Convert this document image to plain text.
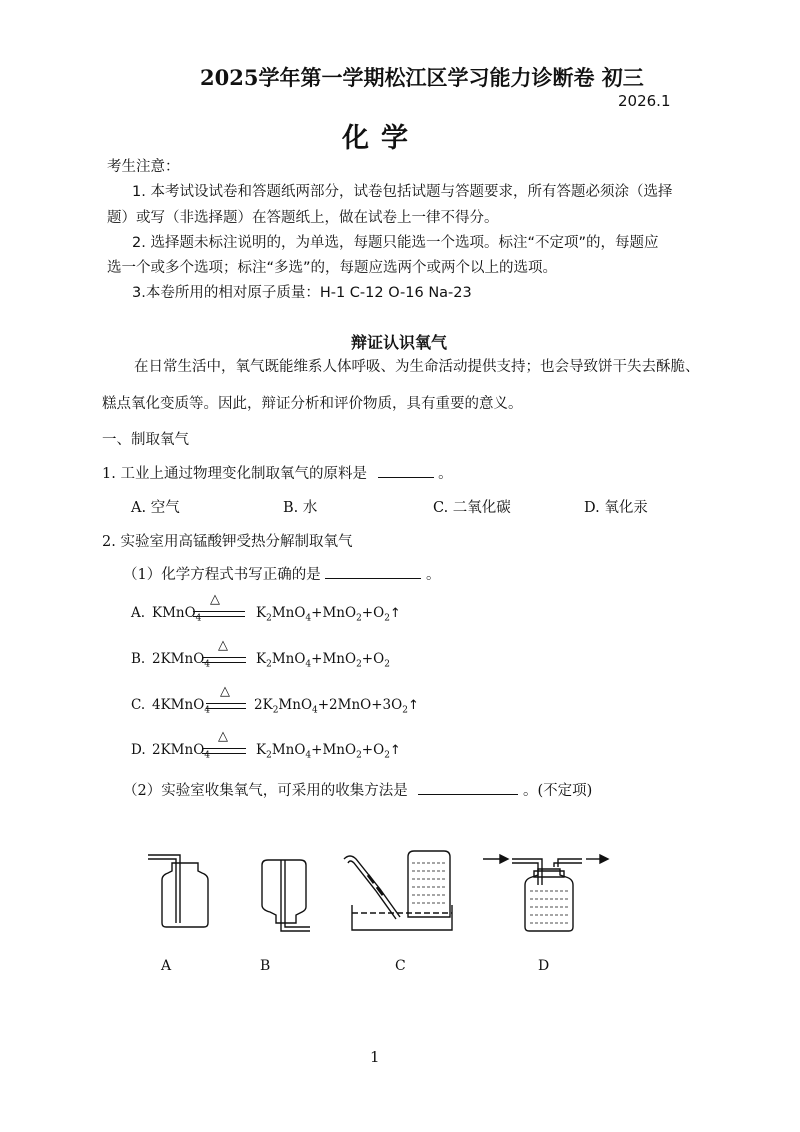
2025学年第一学期松江区学习能力诊断卷 初三
2026.1
化学
考生注意：
1. 本考试设试卷和答题纸两部分，试卷包括试题与答题要求，所有答题必须涂（选择
题）或写（非选择题）在答题纸上，做在试卷上一律不得分。
2. 选择题未标注说明的，为单选，每题只能选一个选项。标注“不定项”的，每题应
选一个或多个选项；标注“多选”的，每题应选两个或两个以上的选项。
3.本卷所用的相对原子质量：H-1 C-12 O-16 Na-23
辩证认识氧气
在日常生活中，氧气既能维系人体呼吸、为生命活动提供支持；也会导致饼干失去酥脆、
糕点氧化变质等。因此，辩证分析和评价物质，具有重要的意义。
一、制取氧气
1. 工业上通过物理变化制取氧气的原料是	。
A. 空气	B. 水	C. 二氧化碳	D. 氧化汞
2. 实验室用高锰酸钾受热分解制取氧气
（1）化学方程式书写正确的是	。
A. KMnO$_4$
△
$K_2MnO_4+MnO_2+O_2↑$
B. 2KMnO$_4$
△
$K_2MnO_4+MnO_2+O_2$
C. 4KMnO$_4$
△
$2K_2MnO_4+2MnO+3O_2↑$
D. 2KMnO$_4$
△
$K_2MnO_4+MnO_2+O_2↑$
（2）实验室收集氧气，可采用的收集方法是	。(不定项)
A	B	C	D
1
